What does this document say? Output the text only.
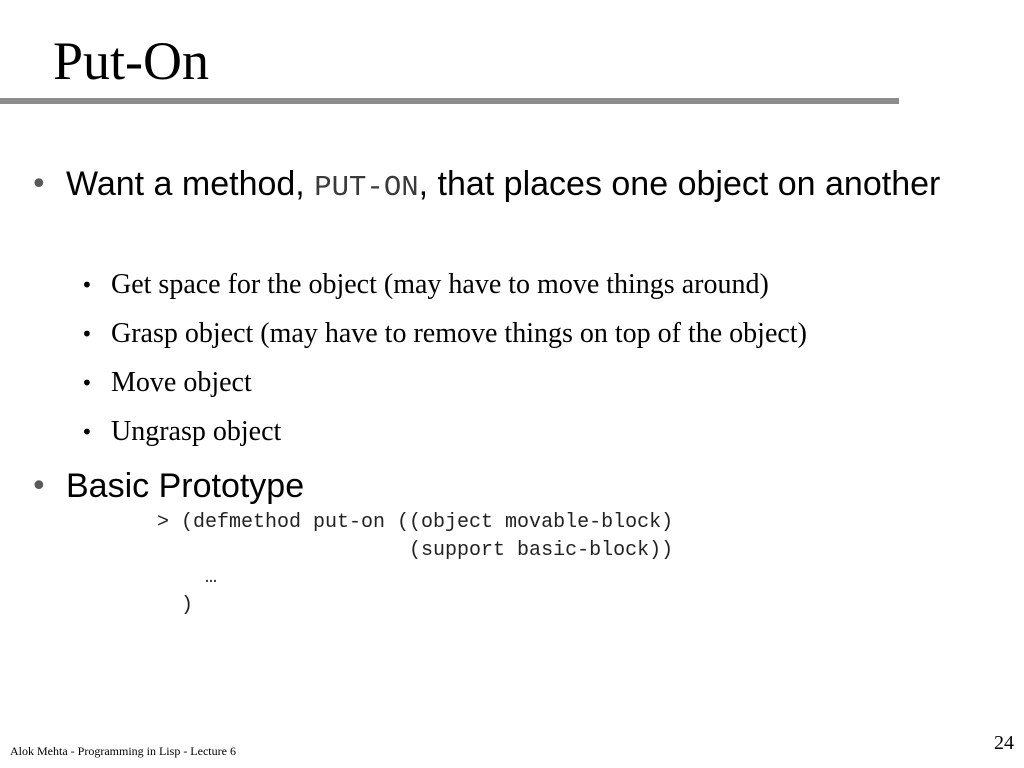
Put-On
• Want a method, PUT-ON, that places one object on another
• Get space for the object (may have to move things around)
• Grasp object (may have to remove things on top of the object)
• Move object
• Ungrasp object
• Basic Prototype
> (defmethod put-on ((object movable-block)
(support basic-block))
…
)
Alok Mehta - Programming in Lisp - Lecture 6	24
